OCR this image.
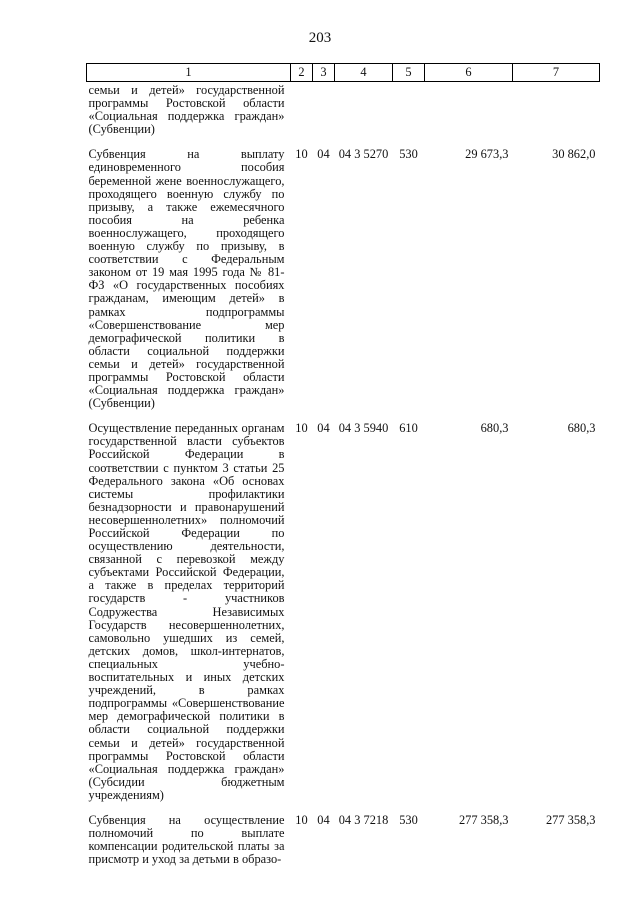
203
1	2	3	4	5	6	7
семьи и детей» государственной программы Ростовской области «Социальная поддержка граждан» (Субвенции)						
Субвенция на выплату единовременного пособия беременной жене военнослужащего, проходящего военную службу по призыву, а также ежемесячного пособия на ребенка военнослужащего, проходящего военную службу по призыву, в соответствии с Федеральным законом от 19 мая 1995 года № 81-ФЗ «О государственных пособиях гражданам, имеющим детей» в рамках подпрограммы «Совершенствование мер демографической политики в области социальной поддержки семьи и детей» государственной программы Ростовской области «Социальная поддержка граждан» (Субвенции)	10	04	04 3 5270	530	29 673,3	30 862,0
Осуществление переданных органам государственной власти субъектов Российской Федерации в соответствии с пунктом 3 статьи 25 Федерального закона «Об основах системы профилактики безнадзорности и правонарушений несовершеннолетних» полномочий Российской Федерации по осуществлению деятельности, связанной с перевозкой между субъектами Российской Федерации, а также в пределах территорий государств - участников Содружества Независимых Государств несовершеннолетних, самовольно ушедших из семей, детских домов, школ-интернатов, специальных учебно-воспитательных и иных детских учреждений, в рамках подпрограммы «Совершенствование мер демографической политики в области социальной поддержки семьи и детей» государственной программы Ростовской области «Социальная поддержка граждан» (Субсидии бюджетным учреждениям)	10	04	04 3 5940	610	680,3	680,3
Субвенция на осуществление полномочий по выплате компенсации родительской платы за присмотр и уход за детьми в образо-	10	04	04 3 7218	530	277 358,3	277 358,3
